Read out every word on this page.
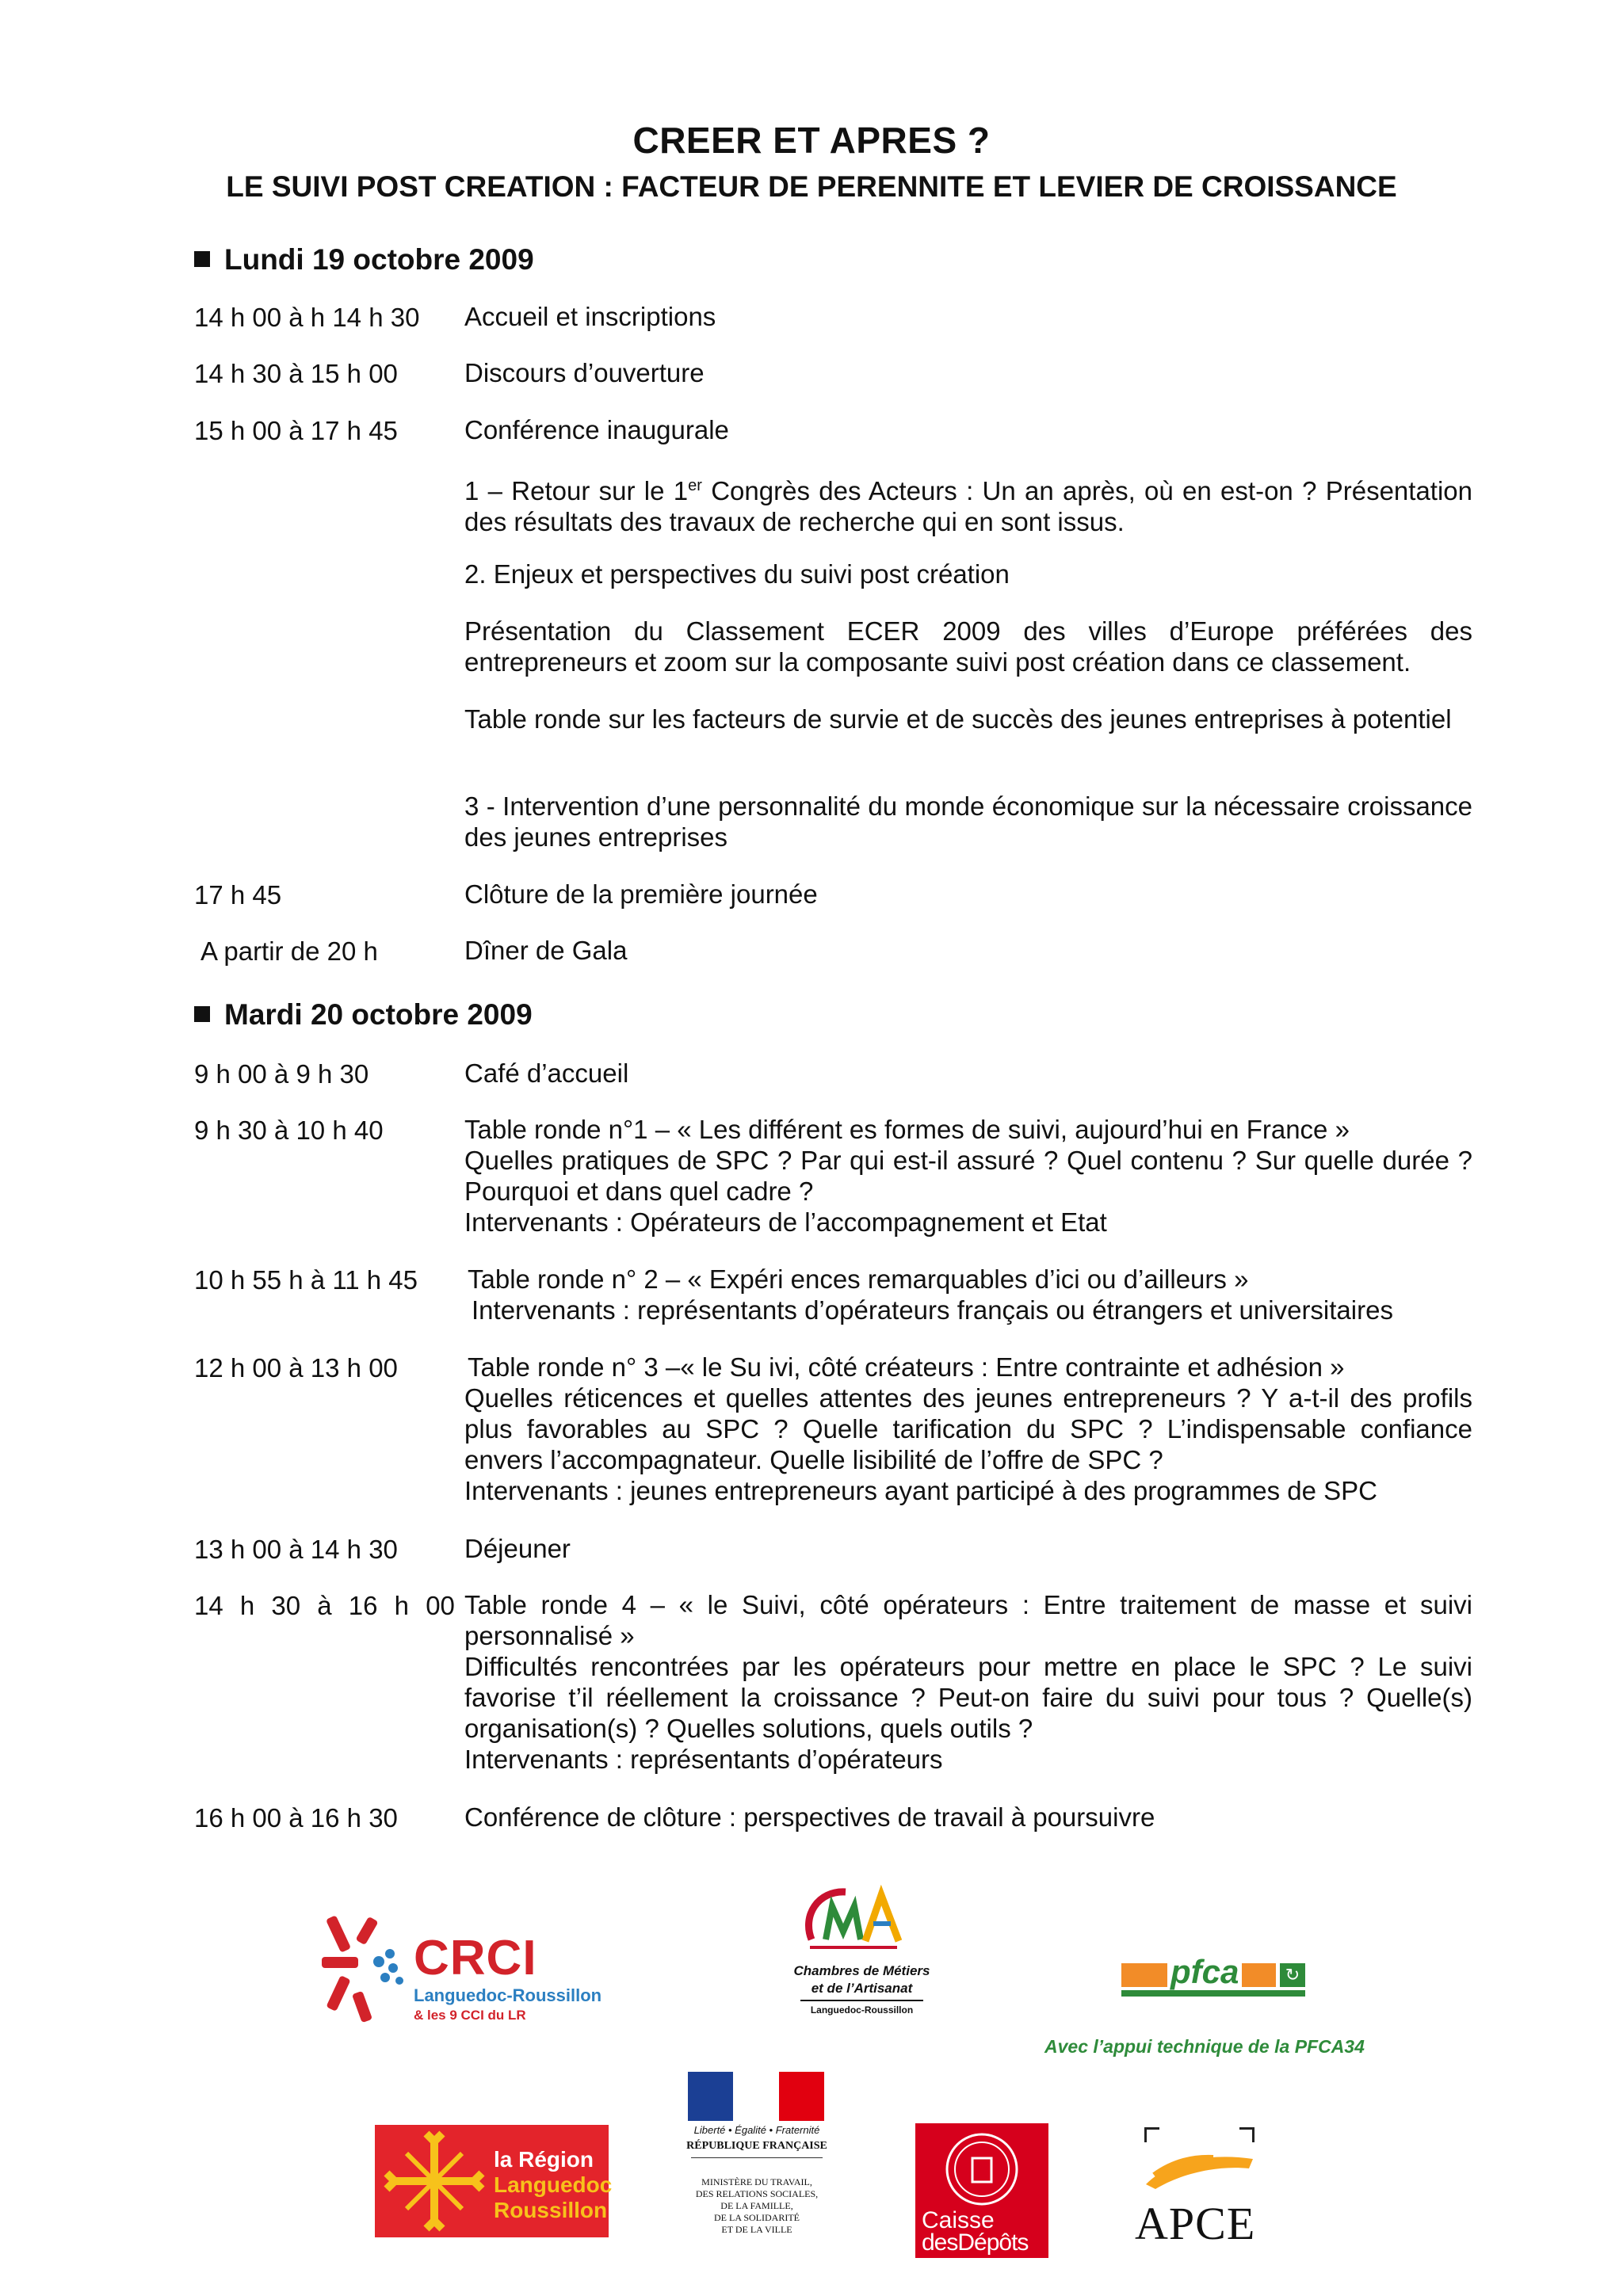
CREER ET APRES ?
LE SUIVI POST CREATION : FACTEUR DE PERENNITE ET LEVIER DE CROISSANCE
Lundi 19 octobre 2009
14 h 00 à h 14 h 30 Accueil et inscriptions
14 h 30 à 15 h 00	Discours d’ouverture
15 h 00 à 17 h 45	Conférence inaugurale
1 – Retour sur le 1er Congrès des Acteurs : Un an après, où en est-on ? Présentation des résultats des travaux de recherche qui en sont issus.
2. Enjeux et perspectives du suivi post création
Présentation du Classement ECER 2009 des villes d’Europe préférées des entrepreneurs et zoom sur la composante suivi post création dans ce classement.
Table ronde sur les facteurs de survie et de succès des jeunes entreprises à potentiel
3 - Intervention d’une personnalité du monde économique sur la nécessaire croissance des jeunes entreprises
17 h 45	Clôture de la première journée
A partir de 20 h	Dîner de Gala
Mardi 20 octobre 2009
9 h 00 à 9 h 30	Café d’accueil
9 h 30 à 10 h 40	Table ronde n°1 – « Les différent es formes de suivi, aujourd’hui en France »
Quelles pratiques de SPC ? Par qui est-il assuré ? Quel contenu ? Sur quelle durée ? Pourquoi et dans quel cadre ?
Intervenants : Opérateurs de l’accompagnement et Etat
10 h 55 h à 11 h 45 Table ronde n° 2 – « Expéri ences remarquables d’ici ou d’ailleurs »
Intervenants : représentants d’opérateurs français ou étrangers et universitaires
12 h 00 à 13 h 00	Table ronde n° 3 –« le Su ivi, côté créateurs : Entre contrainte et adhésion »
Quelles réticences et quelles attentes des jeunes entrepreneurs ? Y a-t-il des profils plus favorables au SPC ? Quelle tarification du SPC ? L’indispensable confiance envers l’accompagnateur. Quelle lisibilité de l’offre de SPC ?
Intervenants : jeunes entrepreneurs ayant participé à des programmes de SPC
13 h 00 à 14 h 30	Déjeuner
14 h 30 à 16 h 00 Table ronde 4 – « le Suivi, côté opérateurs : Entre traitement de masse et suivi personnalisé »
Difficultés rencontrées par les opérateurs pour mettre en place le SPC ? Le suivi favorise t’il réellement la croissance ? Peut-on faire du suivi pour tous ? Quelle(s) organisation(s) ? Quelles solutions, quels outils ?
Intervenants : représentants d’opérateurs
16 h 00 à 16 h 30	Conférence de clôture : perspectives de travail à poursuivre
CRCI
Languedoc-Roussillon
& les 9 CCI du LR
Chambres de Métiers
et de l’Artisanat
Languedoc-Roussillon
pfca	↻
Avec l’appui technique de la PFCA34
la Région
Languedoc
Roussillon
Liberté • Égalité • Fraternité
RÉPUBLIQUE FRANÇAISE
MINISTÈRE DU TRAVAIL,
DES RELATIONS SOCIALES,
DE LA FAMILLE,
DE LA SOLIDARITÉ
ET DE LA VILLE	Caisse
desDépôts APCE
